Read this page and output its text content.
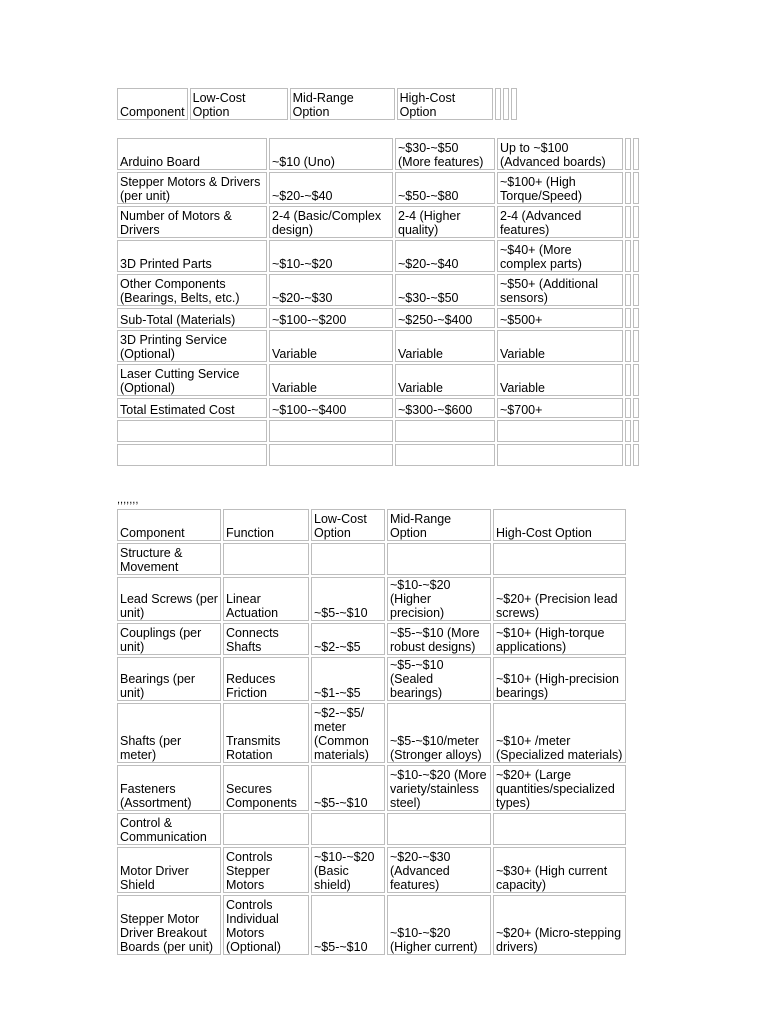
Component	Low-Cost Option	Mid-Range Option	High-Cost Option			
Arduino Board	~$10 (Uno)	~$30-~$50 (More features)	Up to ~$100 (Advanced boards)		
Stepper Motors & Drivers (per unit)	~$20-~$40	~$50-~$80	~$100+ (High Torque/Speed)		
Number of Motors & Drivers	2-4 (Basic/Complex design)	2-4 (Higher quality)	2-4 (Advanced features)		
3D Printed Parts	~$10-~$20	~$20-~$40	~$40+ (More complex parts)		
Other Components (Bearings, Belts, etc.)	~$20-~$30	~$30-~$50	~$50+ (Additional sensors)		
Sub-Total (Materials)	~$100-~$200	~$250-~$400	~$500+		
3D Printing Service (Optional)	Variable	Variable	Variable		
Laser Cutting Service (Optional)	Variable	Variable	Variable		
Total Estimated Cost	~$100-~$400	~$300-~$600	~$700+		

,,,,,,,
Component	Function	Low-Cost Option	Mid-Range Option	High-Cost Option
Structure & Movement				
Lead Screws (per unit)	Linear Actuation	~$5-~$10	~$10-~$20 (Higher precision)	~$20+ (Precision lead screws)
Couplings (per unit)	Connects Shafts	~$2-~$5	~$5-~$10 (More robust designs)	~$10+ (High-torque applications)
Bearings (per unit)	Reduces Friction	~$1-~$5	~$5-~$10 (Sealed bearings)	~$10+ (High-precision bearings)
Shafts (per meter)	Transmits Rotation	~$2-~$5/ meter (Common materials)	~$5-~$10/meter (Stronger alloys)	~$10+ /meter (Specialized materials)
Fasteners (Assortment)	Secures Components	~$5-~$10	~$10-~$20 (More variety/stainless steel)	~$20+ (Large quantities/specialized types)
Control & Communication				
Motor Driver Shield	Controls Stepper Motors	~$10-~$20 (Basic shield)	~$20-~$30 (Advanced features)	~$30+ (High current capacity)
Stepper Motor Driver Breakout Boards (per unit)	Controls Individual Motors (Optional)	~$5-~$10	~$10-~$20 (Higher current)	~$20+ (Micro-stepping drivers)
